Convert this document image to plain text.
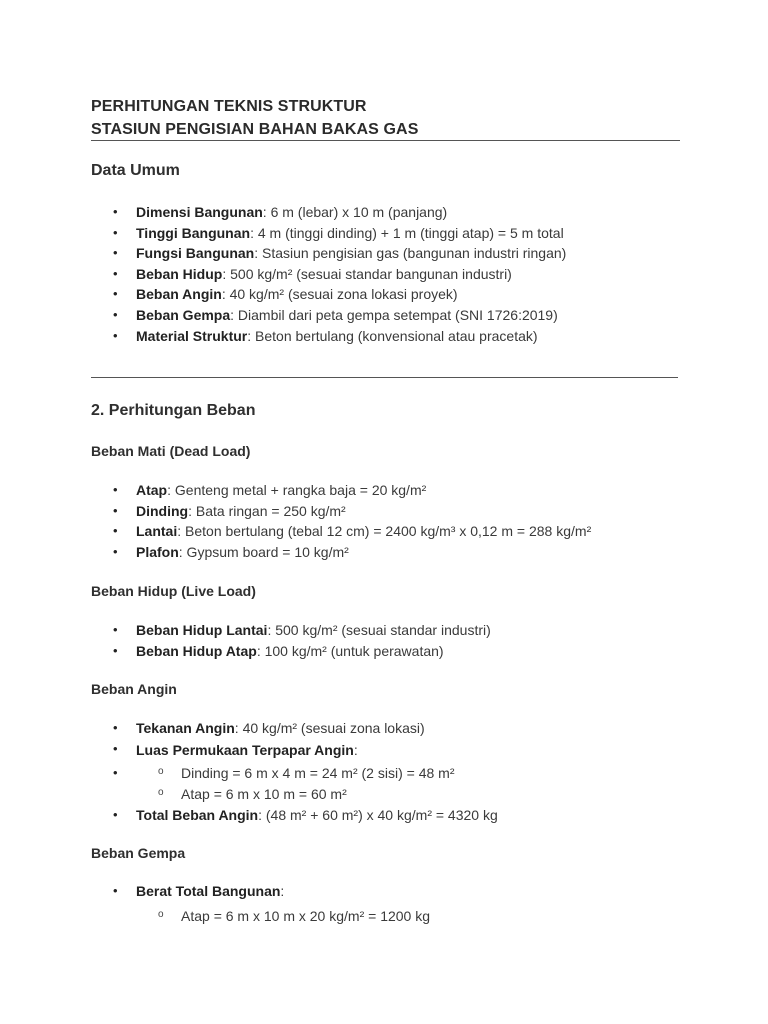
PERHITUNGAN TEKNIS STRUKTUR
STASIUN PENGISIAN BAHAN BAKAS GAS
Data Umum
• Dimensi Bangunan: 6 m (lebar) x 10 m (panjang)
• Tinggi Bangunan: 4 m (tinggi dinding) + 1 m (tinggi atap) = 5 m total
• Fungsi Bangunan: Stasiun pengisian gas (bangunan industri ringan)
• Beban Hidup: 500 kg/m² (sesuai standar bangunan industri)
• Beban Angin: 40 kg/m² (sesuai zona lokasi proyek)
• Beban Gempa: Diambil dari peta gempa setempat (SNI 1726:2019)
• Material Struktur: Beton bertulang (konvensional atau pracetak)
2. Perhitungan Beban
Beban Mati (Dead Load)
• Atap: Genteng metal + rangka baja = 20 kg/m²
• Dinding: Bata ringan = 250 kg/m²
• Lantai: Beton bertulang (tebal 12 cm) = 2400 kg/m³ x 0,12 m = 288 kg/m²
• Plafon: Gypsum board = 10 kg/m²
Beban Hidup (Live Load)
• Beban Hidup Lantai: 500 kg/m² (sesuai standar industri)
• Beban Hidup Atap: 100 kg/m² (untuk perawatan)
Beban Angin
• Tekanan Angin: 40 kg/m² (sesuai zona lokasi)
• Luas Permukaan Terpapar Angin:
o Dinding = 6 m x 4 m = 24 m² (2 sisi) = 48 m²
o Atap = 6 m x 10 m = 60 m²
• Total Beban Angin: (48 m² + 60 m²) x 40 kg/m² = 4320 kg
Beban Gempa
• Berat Total Bangunan:
o Atap = 6 m x 10 m x 20 kg/m² = 1200 kg
